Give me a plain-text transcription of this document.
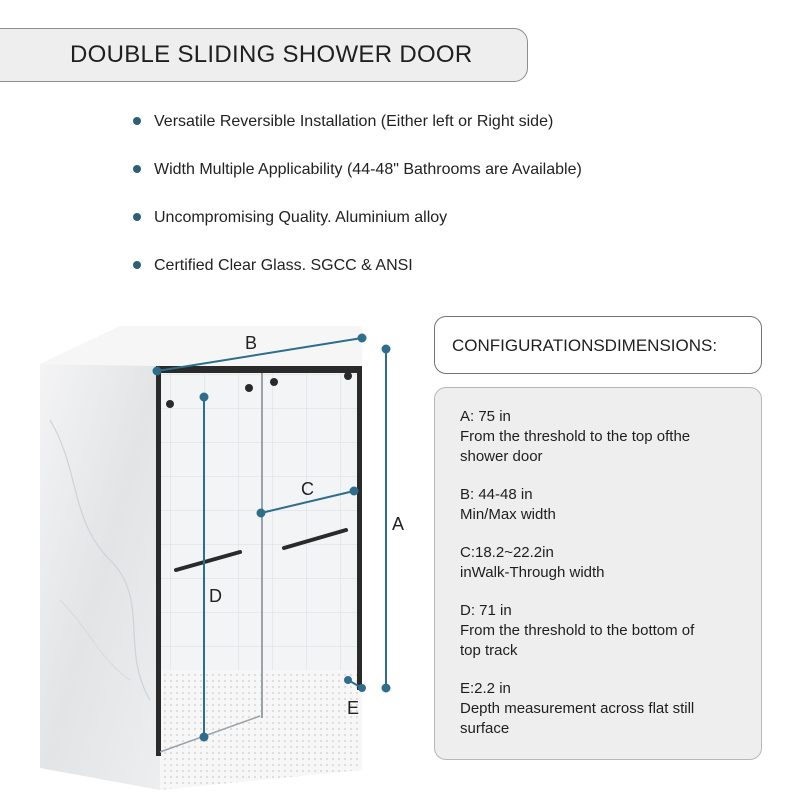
DOUBLE SLIDING SHOWER DOOR
Versatile Reversible Installation (Either left or Right side)
Width Multiple Applicability (44-48" Bathrooms are Available)
Uncompromising Quality. Aluminium alloy
Certified Clear Glass. SGCC & ANSI
B
A
C
D
E
CONFIGURATIONSDIMENSIONS:
A: 75 in
From the threshold to the top ofthe
shower door
B: 44-48 in
Min/Max width
C:18.2~22.2in
inWalk-Through width
D: 71 in
From the threshold to the bottom of
top track
E:2.2 in
Depth measurement across flat still
surface
